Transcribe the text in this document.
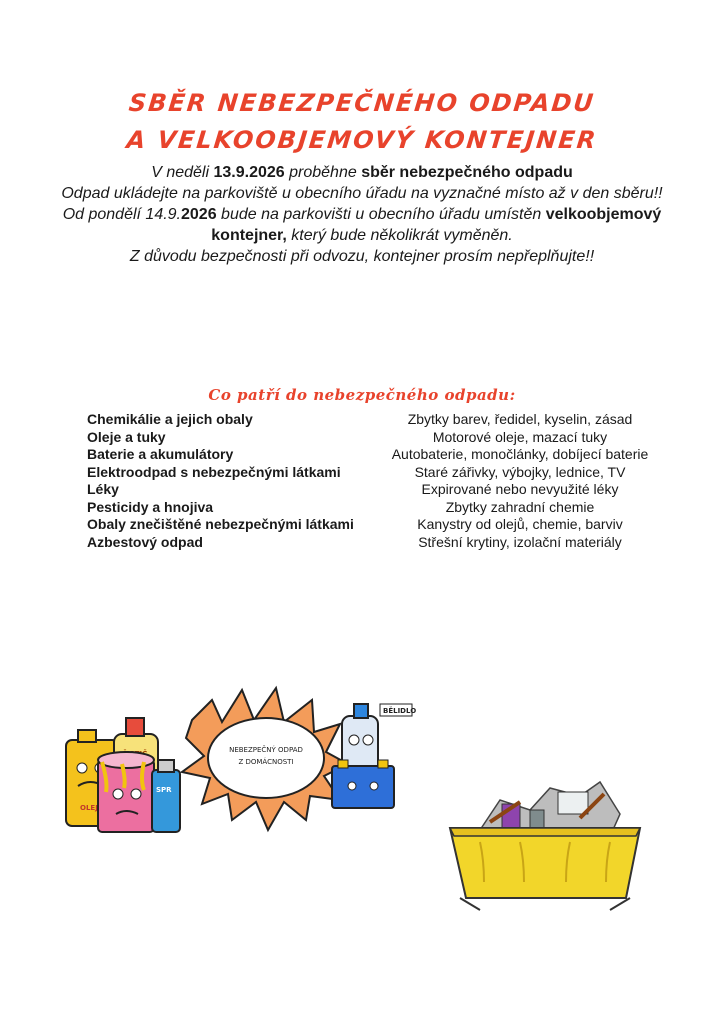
SBĚR NEBEZPEČNÉHO ODPADU
A VELKOOBJEMOVÝ KONTEJNER
V neděli 13.9.2026 proběhne sběr nebezpečného odpadu
Odpad ukládejte na parkoviště u obecního úřadu na vyznačné místo až v den sběru!!
Od pondělí 14.9.2026 bude na parkovišti u obecního úřadu umístěn velkoobjemový kontejner, který bude několikrát vyměněn.
Z důvodu bezpečnosti při odvozu, kontejner prosím nepřeplňujte!!
Co patří do nebezpečného odpadu:
Chemikálie a jejich obaly	Zbytky barev, ředidel, kyselin, zásad
Oleje a tuky	Motorové oleje, mazací tuky
Baterie a akumulátory	Autobaterie, monočlánky, dobíjecí baterie
Elektroodpad s nebezpečnými látkami	Staré zářivky, výbojky, lednice, TV
Léky	Expirované nebo nevyužité léky
Pesticidy a hnojiva	Zbytky zahradní chemie
Obaly znečištěné nebezpečnými látkami	Kanystry od olejů, chemie, barviv
Azbestový odpad	Střešní krytiny, izolační materiály
OLEJ
SPR
NEBEZPEČNÝ ODPAD
Z DOMÁCNOSTI
BĚLIDLO
